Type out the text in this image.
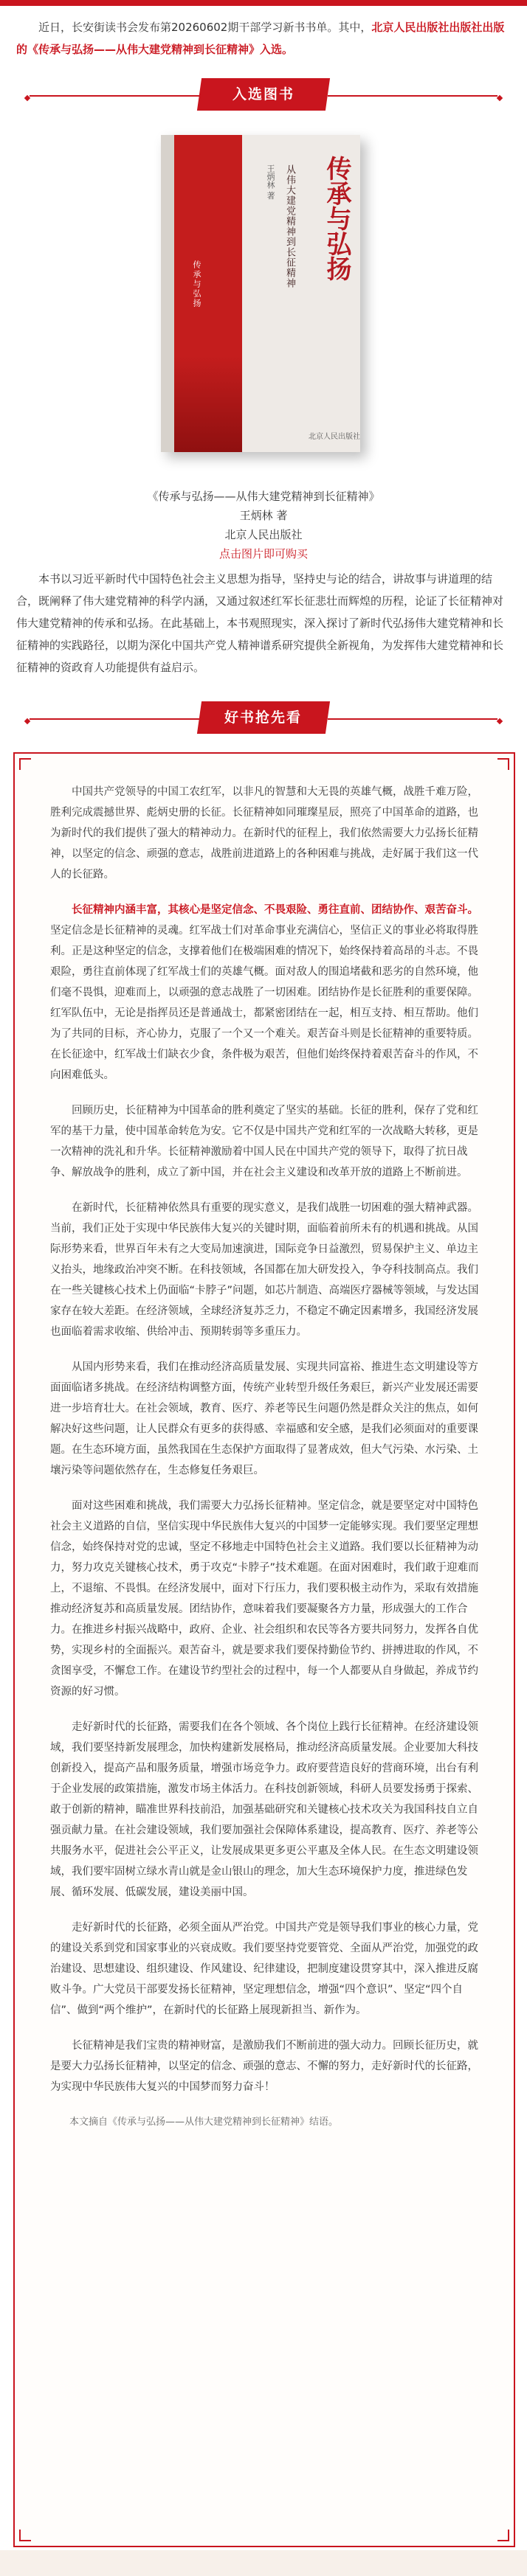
近日，长安街读书会发布第20260602期干部学习新书书单。其中，北京人民出版社出版社出版的《传承与弘扬——从伟大建党精神到长征精神》入选。
入选图书
传承与弘扬
传承与弘扬
从伟大建党精神到长征精神
王炳林 著
北京人民出版社
《传承与弘扬——从伟大建党精神到长征精神》
王炳林 著
北京人民出版社
点击图片即可购买
本书以习近平新时代中国特色社会主义思想为指导，坚持史与论的结合，讲故事与讲道理的结合，既阐释了伟大建党精神的科学内涵，又通过叙述红军长征悲壮而辉煌的历程，论证了长征精神对伟大建党精神的传承和弘扬。在此基础上，本书观照现实，深入探讨了新时代弘扬伟大建党精神和长征精神的实践路径，以期为深化中国共产党人精神谱系研究提供全新视角，为发挥伟大建党精神和长征精神的资政育人功能提供有益启示。
好书抢先看

中国共产党领导的中国工农红军，以非凡的智慧和大无畏的英雄气概，战胜千难万险，胜利完成震撼世界、彪炳史册的长征。长征精神如同璀璨星辰，照亮了中国革命的道路，也为新时代的我们提供了强大的精神动力。在新时代的征程上，我们依然需要大力弘扬长征精神，以坚定的信念、顽强的意志，战胜前进道路上的各种困难与挑战，走好属于我们这一代人的长征路。

长征精神内涵丰富，其核心是坚定信念、不畏艰险、勇往直前、团结协作、艰苦奋斗。坚定信念是长征精神的灵魂。红军战士们对革命事业充满信心，坚信正义的事业必将取得胜利。正是这种坚定的信念，支撑着他们在极端困难的情况下，始终保持着高昂的斗志。不畏艰险，勇往直前体现了红军战士们的英雄气概。面对敌人的围追堵截和恶劣的自然环境，他们毫不畏惧，迎难而上，以顽强的意志战胜了一切困难。团结协作是长征胜利的重要保障。红军队伍中，无论是指挥员还是普通战士，都紧密团结在一起，相互支持、相互帮助。他们为了共同的目标，齐心协力，克服了一个又一个难关。艰苦奋斗则是长征精神的重要特质。在长征途中，红军战士们缺衣少食，条件极为艰苦，但他们始终保持着艰苦奋斗的作风，不向困难低头。

回顾历史，长征精神为中国革命的胜利奠定了坚实的基础。长征的胜利，保存了党和红军的基干力量，使中国革命转危为安。它不仅是中国共产党和红军的一次战略大转移，更是一次精神的洗礼和升华。长征精神激励着中国人民在中国共产党的领导下，取得了抗日战争、解放战争的胜利，成立了新中国，并在社会主义建设和改革开放的道路上不断前进。

在新时代，长征精神依然具有重要的现实意义，是我们战胜一切困难的强大精神武器。当前，我们正处于实现中华民族伟大复兴的关键时期，面临着前所未有的机遇和挑战。从国际形势来看，世界百年未有之大变局加速演进，国际竞争日益激烈，贸易保护主义、单边主义抬头，地缘政治冲突不断。在科技领域，各国都在加大研发投入，争夺科技制高点。我们在一些关键核心技术上仍面临“卡脖子”问题，如芯片制造、高端医疗器械等领域，与发达国家存在较大差距。在经济领域，全球经济复苏乏力，不稳定不确定因素增多，我国经济发展也面临着需求收缩、供给冲击、预期转弱等多重压力。

从国内形势来看，我们在推动经济高质量发展、实现共同富裕、推进生态文明建设等方面面临诸多挑战。在经济结构调整方面，传统产业转型升级任务艰巨，新兴产业发展还需要进一步培育壮大。在社会领域，教育、医疗、养老等民生问题仍然是群众关注的焦点，如何解决好这些问题，让人民群众有更多的获得感、幸福感和安全感，是我们必须面对的重要课题。在生态环境方面，虽然我国在生态保护方面取得了显著成效，但大气污染、水污染、土壤污染等问题依然存在，生态修复任务艰巨。

面对这些困难和挑战，我们需要大力弘扬长征精神。坚定信念，就是要坚定对中国特色社会主义道路的自信，坚信实现中华民族伟大复兴的中国梦一定能够实现。我们要坚定理想信念，始终保持对党的忠诚，坚定不移地走中国特色社会主义道路。我们要以长征精神为动力，努力攻克关键核心技术，勇于攻克“卡脖子”技术难题。在面对困难时，我们敢于迎难而上，不退缩、不畏惧。在经济发展中，面对下行压力，我们要积极主动作为，采取有效措施推动经济复苏和高质量发展。团结协作，意味着我们要凝聚各方力量，形成强大的工作合力。在推进乡村振兴战略中，政府、企业、社会组织和农民等各方要共同努力，发挥各自优势，实现乡村的全面振兴。艰苦奋斗，就是要求我们要保持勤俭节约、拼搏进取的作风，不贪图享受，不懈怠工作。在建设节约型社会的过程中，每一个人都要从自身做起，养成节约资源的好习惯。

走好新时代的长征路，需要我们在各个领域、各个岗位上践行长征精神。在经济建设领域，我们要坚持新发展理念，加快构建新发展格局，推动经济高质量发展。企业要加大科技创新投入，提高产品和服务质量，增强市场竞争力。政府要营造良好的营商环境，出台有利于企业发展的政策措施，激发市场主体活力。在科技创新领域，科研人员要发扬勇于探索、敢于创新的精神，瞄准世界科技前沿，加强基础研究和关键核心技术攻关为我国科技自立自强贡献力量。在社会建设领域，我们要加强社会保障体系建设，提高教育、医疗、养老等公共服务水平，促进社会公平正义，让发展成果更多更公平惠及全体人民。在生态文明建设领域，我们要牢固树立绿水青山就是金山银山的理念，加大生态环境保护力度，推进绿色发展、循环发展、低碳发展，建设美丽中国。

走好新时代的长征路，必须全面从严治党。中国共产党是领导我们事业的核心力量，党的建设关系到党和国家事业的兴衰成败。我们要坚持党要管党、全面从严治党，加强党的政治建设、思想建设、组织建设、作风建设、纪律建设，把制度建设贯穿其中，深入推进反腐败斗争。广大党员干部要发扬长征精神，坚定理想信念，增强“四个意识”、坚定“四个自信”、做到“两个维护”，在新时代的长征路上展现新担当、新作为。

长征精神是我们宝贵的精神财富，是激励我们不断前进的强大动力。回顾长征历史，就是要大力弘扬长征精神，以坚定的信念、顽强的意志、不懈的努力，走好新时代的长征路，为实现中华民族伟大复兴的中国梦而努力奋斗！

本文摘自《传承与弘扬——从伟大建党精神到长征精神》结语。
